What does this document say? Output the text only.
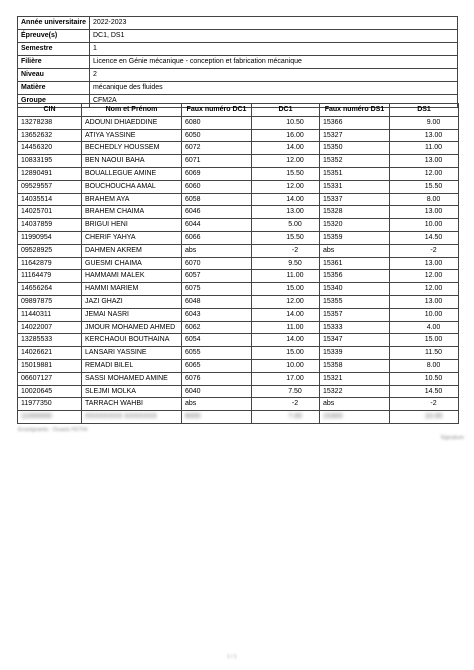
Année universitaire	2022-2023
Épreuve(s)	DC1, DS1
Semestre	1
Filière	Licence en Génie mécanique - conception et fabrication mécanique
Niveau	2
Matière	mécanique des fluides
Groupe	CFM2A
CIN	Nom et Prénom	Faux numéro DC1	DC1	Faux numéro DS1	DS1
13278238	ADOUNI DHIAEDDINE	6080	10.50	15366	9.00
13652632	ATIYA YASSINE	6050	16.00	15327	13.00
14456320	BECHEDLY HOUSSEM	6072	14.00	15350	11.00
10833195	BEN NAOUI BAHA	6071	12.00	15352	13.00
12890491	BOUALLEGUE AMINE	6069	15.50	15351	12.00
09529557	BOUCHOUCHA AMAL	6060	12.00	15331	15.50
14035514	BRAHEM AYA	6058	14.00	15337	8.00
14025701	BRAHEM CHAIMA	6046	13.00	15328	13.00
14037859	BRIGUI HENI	6044	5.00	15320	10.00
11990954	CHERIF YAHYA	6066	15.50	15359	14.50
09528925	DAHMEN AKREM	abs	-2	abs	-2
11642879	GUESMI CHAIMA	6070	9.50	15361	13.00
11164479	HAMMAMI MALEK	6057	11.00	15356	12.00
14656264	HAMMI MARIEM	6075	15.00	15340	12.00
09897875	JAZI GHAZI	6048	12.00	15355	13.00
11440311	JEMAI NASRI	6043	14.00	15357	10.00
14022007	JMOUR MOHAMED AHMED	6062	11.00	15333	4.00
13285533	KERCHAOUI BOUTHAINA	6054	14.00	15347	15.00
14026621	LANSARI YASSINE	6055	15.00	15339	11.50
15019881	REMADI BILEL	6065	10.00	15358	8.00
06607127	SASSI MOHAMED AMINE	6076	17.00	15321	10.50
10020645	SLEJMI MOLKA	6040	7.50	15322	14.50
11977350	TARRACH WAHBI	abs	-2	abs	-2
11000000	XXXXXXXX XXXXXXX	6000	7.00	15300	10.00
Enseignants : Ouaziz FETHI
Signature
1 / 1
